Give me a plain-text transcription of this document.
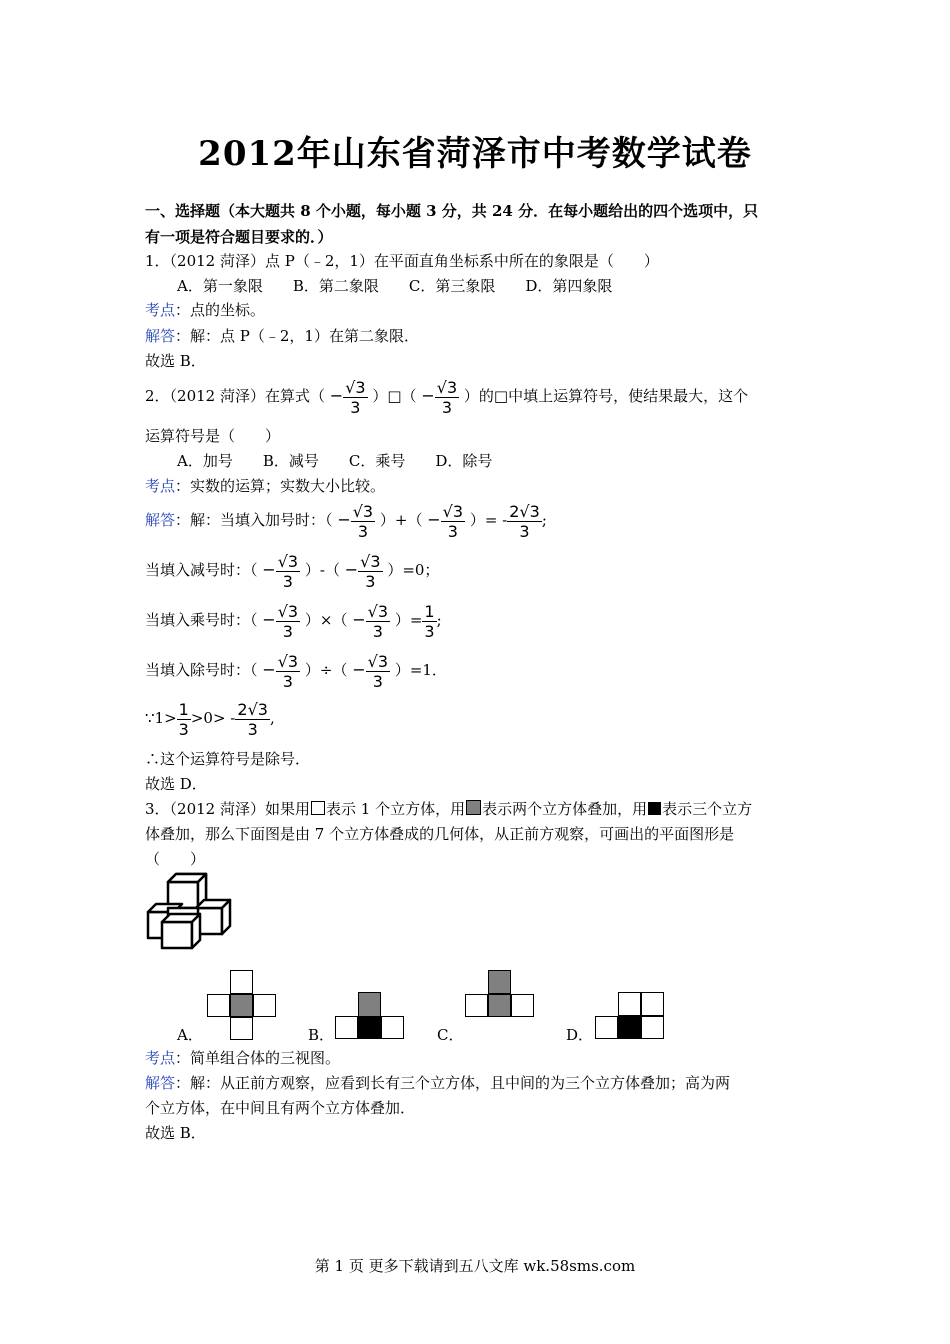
2012年山东省菏泽市中考数学试卷
一、选择题（本大题共 8 个小题，每小题 3 分，共 24 分．在每小题给出的四个选项中，只
有一项是符合题目要求的．）
1．（2012 菏泽）点 P（﹣2，1）在平面直角坐标系中所在的象限是（　　）
A．第一象限 B．第二象限 C．第三象限 D．第四象限
考点：点的坐标。
解答：解：点 P（﹣2，1）在第二象限．
故选 B．
2．（2012 菏泽）在算式（ − $\frac{√3}{3}$ ）□（ − $\frac{√3}{3}$ ）的□中填上运算符号，使结果最大，这个
运算符号是（　　）
A．加号 B．减号 C．乘号 D．除号
考点：实数的运算；实数大小比较。
解答：解：当填入加号时：（ − $\frac{√3}{3}$ ）+（ − $\frac{√3}{3}$ ）= - $\frac{2√3}{3}$ ;
当填入减号时：（ − $\frac{√3}{3}$ ）-（ − $\frac{√3}{3} )=0$；
当填入乘号时：（ − $\frac{√3}{3}$ ）×（ − $\frac{√3}{3}$ ）= $\frac{1}{3}$ ;
当填入除号时：（ − $\frac{√3}{3}$ ）÷（ − $\frac{√3}{3} )=1$．
∵1> $\frac{1}{3} >0> - \frac{2√3}{3}$ ,
∴这个运算符号是除号．
故选 D．
3．（2012 菏泽）如果用 表示 1 个立方体，用 表示两个立方体叠加，用 表示三个立方
体叠加，那么下面图是由 7 个立方体叠成的几何体，从正前方观察，可画出的平面图形是
（　　）
A．	B．	C．	D．
考点：简单组合体的三视图。
解答：解：从正前方观察，应看到长有三个立方体，且中间的为三个立方体叠加；高为两
个立方体，在中间且有两个立方体叠加．
故选 B．
第 1 页 更多下载请到五八文库 wk.58sms.com
